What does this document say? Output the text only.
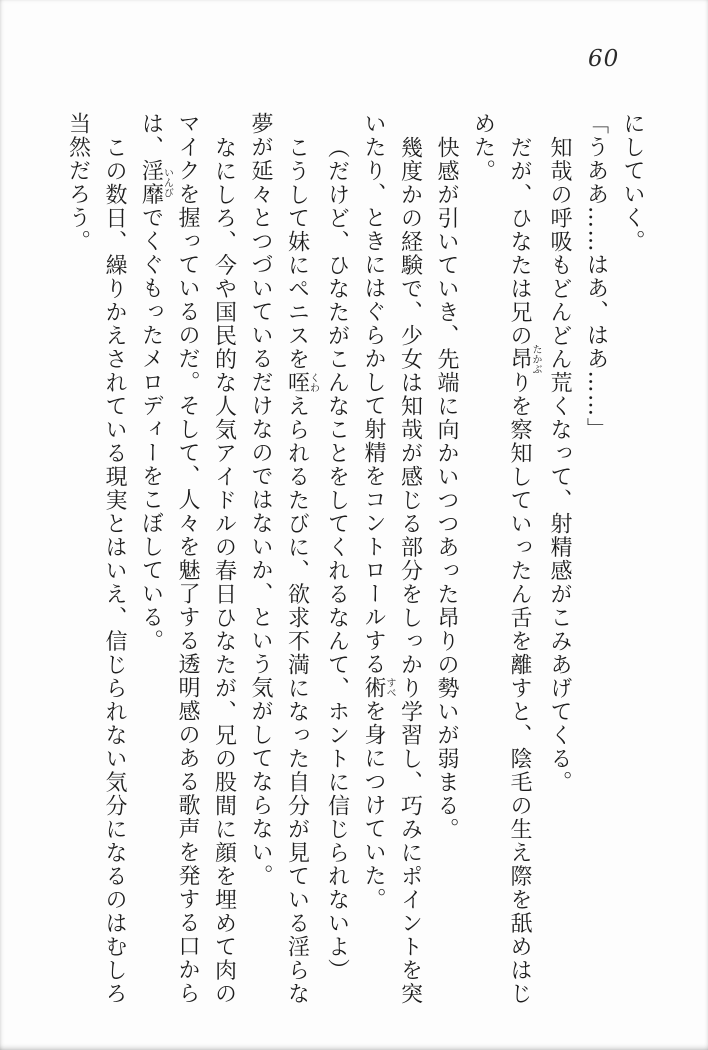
60

にしていく。

「うああ……はあ、はあ……」

知哉の呼吸もどんどん荒くなって、射精感がこみあげてくる。

だが、ひなたは兄の昂たかぶりを察知していったん舌を離すと、陰毛の生え際を舐めはじ
めた。

快感が引いていき、先端に向かいつつあった昂りの勢いが弱まる。

幾度かの経験で、少女は知哉が感じる部分をしっかり学習し、巧みにポイントを突
いたり、ときにはぐらかして射精をコントロールする術すべを身につけていた。

（だけど、ひなたがこんなことをしてくれるなんて、ホントに信じられないよ）

こうして妹にペニスを咥くわえられるたびに、欲求不満になった自分が見ている淫らな
夢が延々とつづいているだけなのではないか、という気がしてならない。

なにしろ、今や国民的な人気アイドルの春日ひなたが、兄の股間に顔を埋めて肉の
マイクを握っているのだ。そして、人々を魅了する透明感のある歌声を発する口から
は、淫靡いんびでくぐもったメロディーをこぼしている。

この数日、繰りかえされている現実とはいえ、信じられない気分になるのはむしろ
当然だろう。
